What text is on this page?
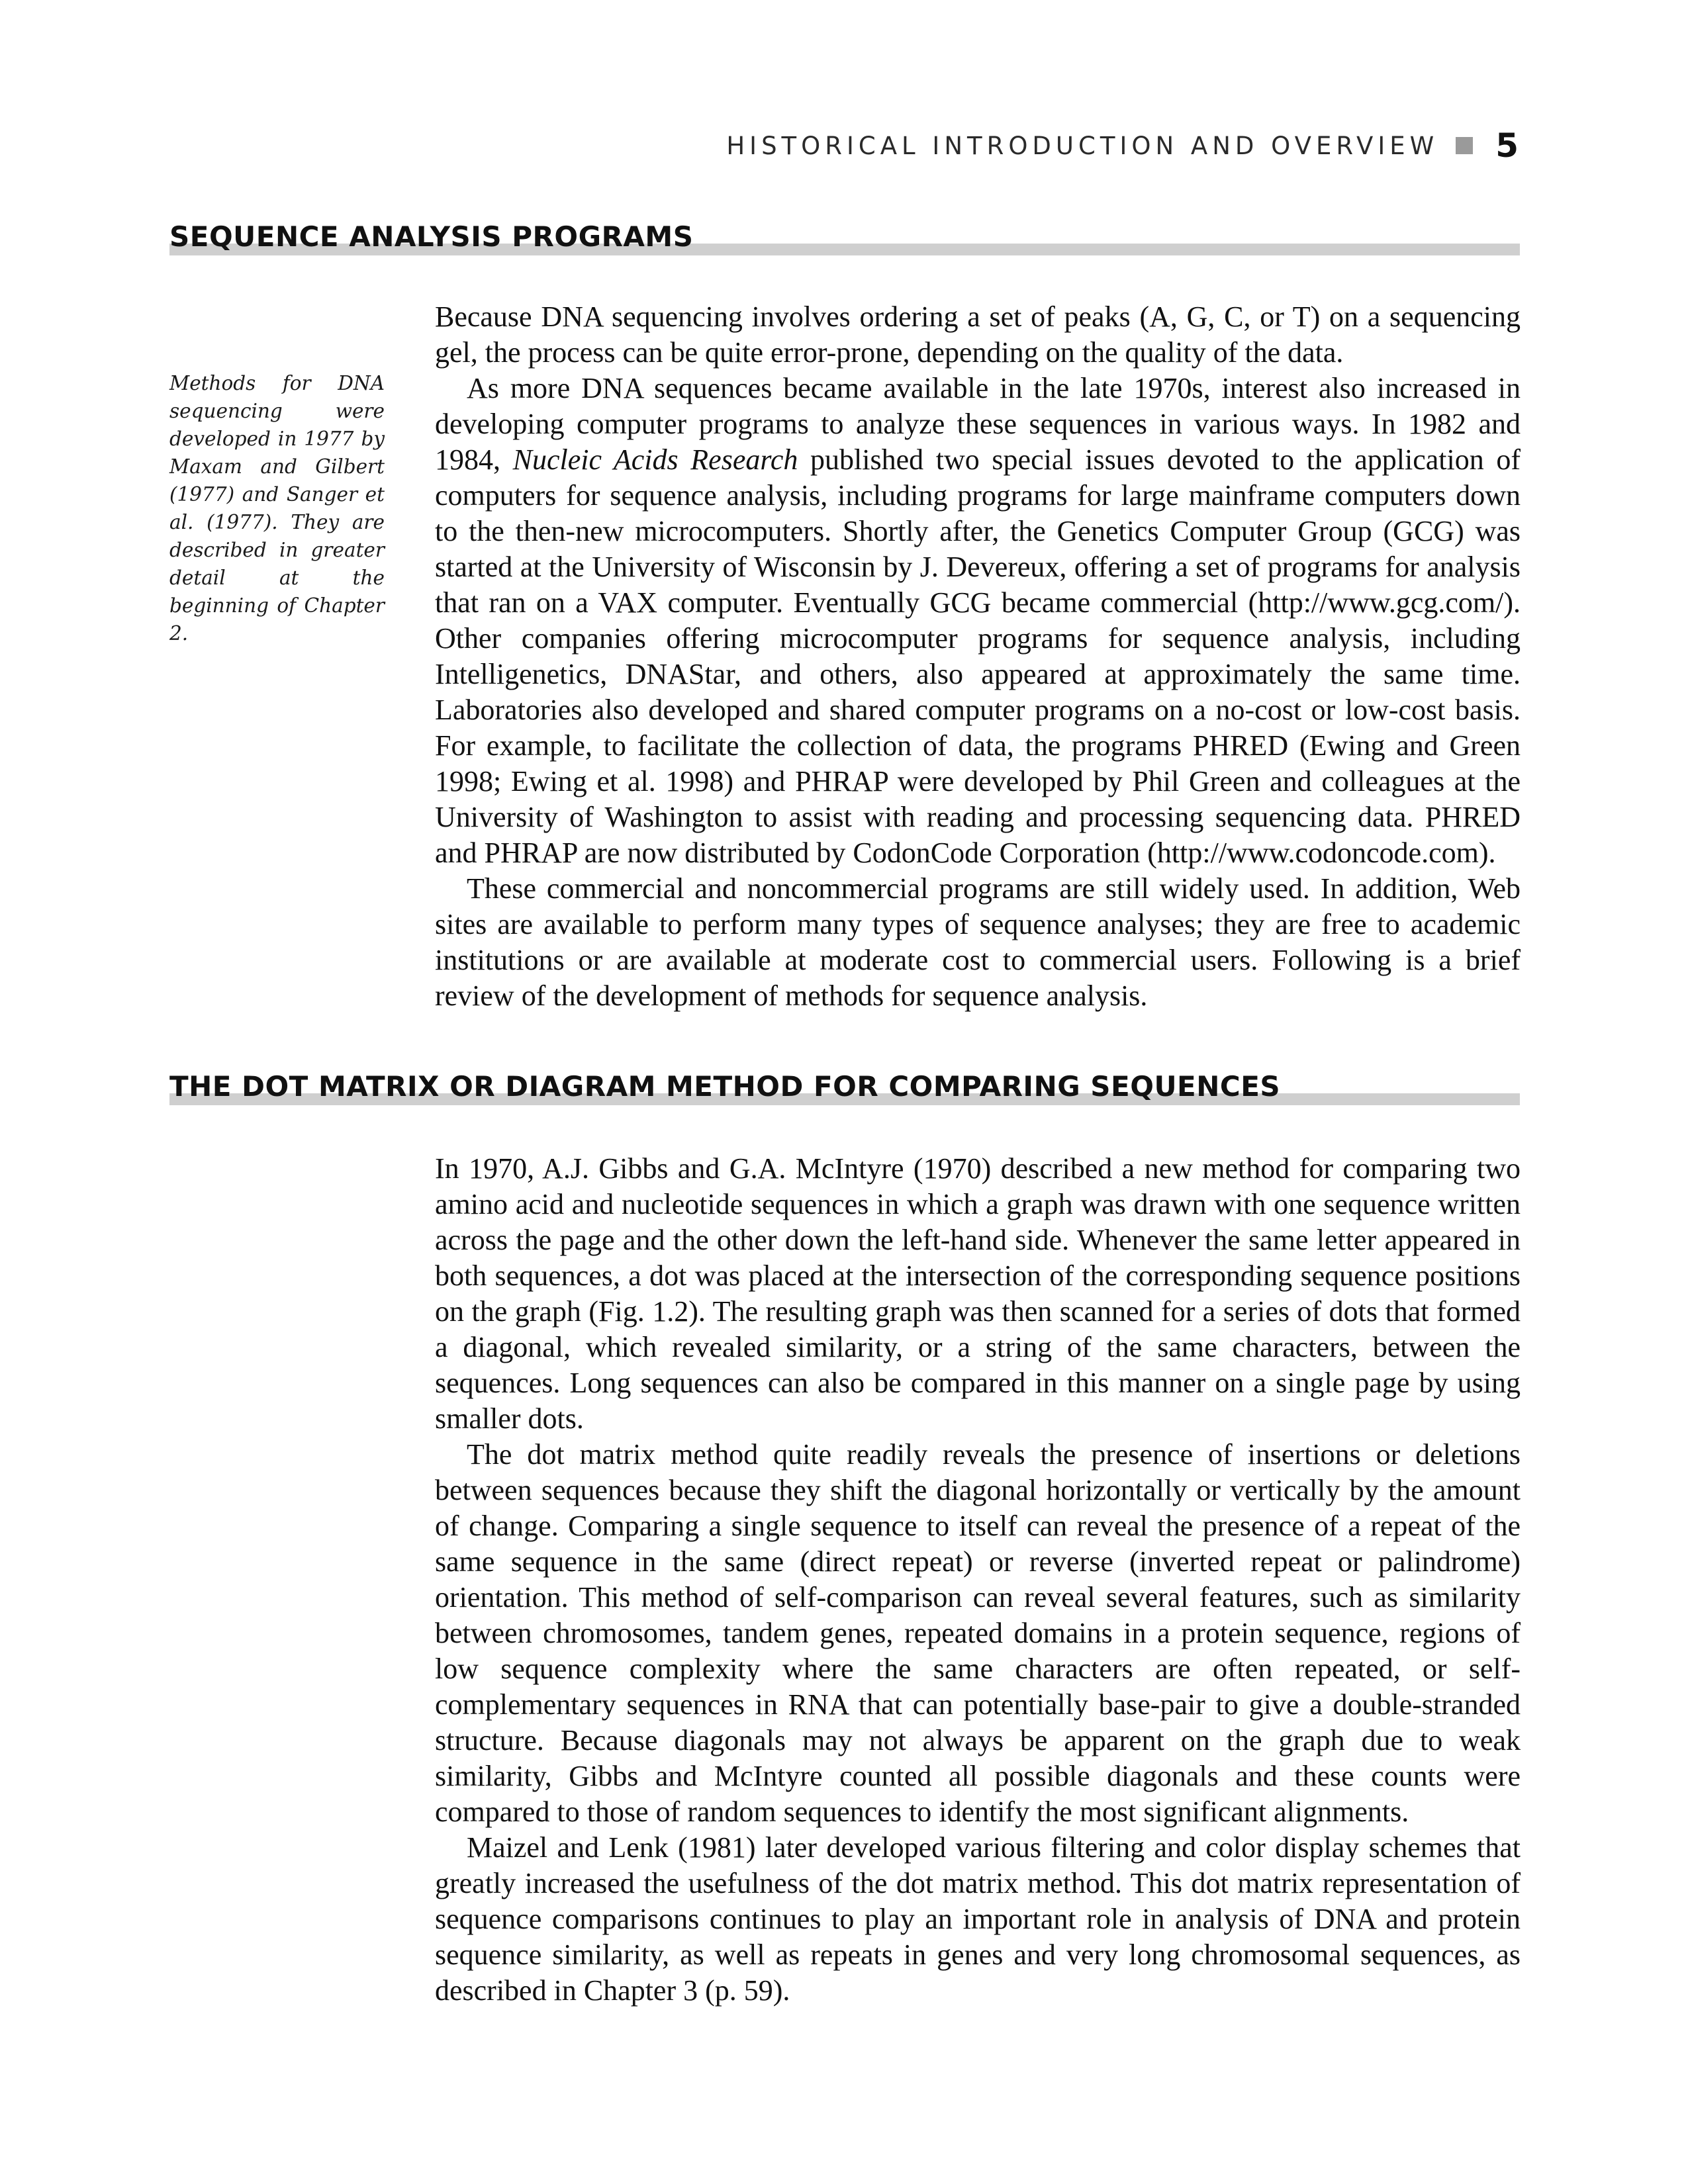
HISTORICAL INTRODUCTION AND OVERVIEW 5
SEQUENCE ANALYSIS PROGRAMS
Methods for DNA sequencing were developed in 1977 by Maxam and Gilbert (1977) and Sanger et al. (1977). They are described in greater detail at the beginning of Chapter 2.

Because DNA sequencing involves ordering a set of peaks (A, G, C, or T) on a sequencing gel, the process can be quite error-prone, depending on the quality of the data.

As more DNA sequences became available in the late 1970s, interest also increased in developing computer programs to analyze these sequences in various ways. In 1982 and 1984, Nucleic Acids Research published two special issues devoted to the application of computers for sequence analysis, including programs for large mainframe computers down to the then-new microcomputers. Shortly after, the Genetics Computer Group (GCG) was started at the University of Wisconsin by J. Devereux, offering a set of programs for analysis that ran on a VAX computer. Eventually GCG became commercial (http://www.gcg.com/). Other companies offering microcomputer programs for sequence analysis, including Intelligenetics, DNAStar, and others, also appeared at approximately the same time. Laboratories also developed and shared computer programs on a no-cost or low-cost basis. For example, to facilitate the collection of data, the programs PHRED (Ewing and Green 1998; Ewing et al. 1998) and PHRAP were developed by Phil Green and colleagues at the University of Washington to assist with reading and processing sequencing data. PHRED and PHRAP are now distributed by CodonCode Corporation (http://www.codoncode.com).

These commercial and noncommercial programs are still widely used. In addition, Web sites are available to perform many types of sequence analyses; they are free to academic institutions or are available at moderate cost to commercial users. Following is a brief review of the development of methods for sequence analysis.

THE DOT MATRIX OR DIAGRAM METHOD FOR COMPARING SEQUENCES

In 1970, A.J. Gibbs and G.A. McIntyre (1970) described a new method for comparing two amino acid and nucleotide sequences in which a graph was drawn with one sequence written across the page and the other down the left-hand side. Whenever the same letter appeared in both sequences, a dot was placed at the intersection of the corresponding sequence positions on the graph (Fig. 1.2). The resulting graph was then scanned for a series of dots that formed a diagonal, which revealed similarity, or a string of the same characters, between the sequences. Long sequences can also be compared in this manner on a single page by using smaller dots.

The dot matrix method quite readily reveals the presence of insertions or deletions between sequences because they shift the diagonal horizontally or vertically by the amount of change. Comparing a single sequence to itself can reveal the presence of a repeat of the same sequence in the same (direct repeat) or reverse (inverted repeat or palindrome) orientation. This method of self-comparison can reveal several features, such as similarity between chromosomes, tandem genes, repeated domains in a protein sequence, regions of low sequence complexity where the same characters are often repeated, or self-complementary sequences in RNA that can potentially base-pair to give a double-stranded structure. Because diagonals may not always be apparent on the graph due to weak similarity, Gibbs and McIntyre counted all possible diagonals and these counts were compared to those of random sequences to identify the most significant alignments.

Maizel and Lenk (1981) later developed various filtering and color display schemes that greatly increased the usefulness of the dot matrix method. This dot matrix representation of sequence comparisons continues to play an important role in analysis of DNA and protein sequence similarity, as well as repeats in genes and very long chromosomal sequences, as described in Chapter 3 (p. 59).
